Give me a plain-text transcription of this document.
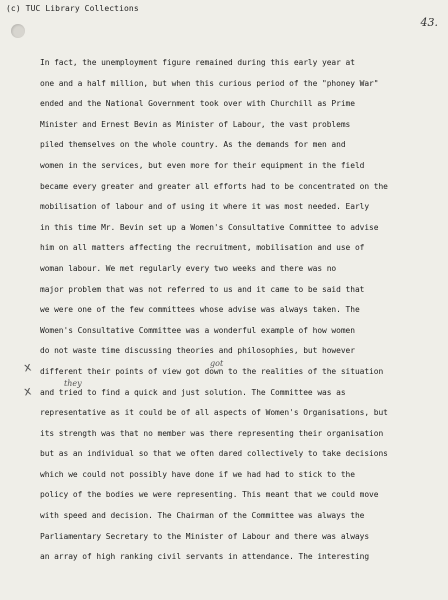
(c) TUC Library Collections
43.
x
x
got
they
In fact, the unemployment figure remained during this early year at
one and a half million, but when this curious period of the "phoney War"
ended and the National Government took over with Churchill as Prime
Minister and Ernest Bevin as Minister of Labour, the vast problems
piled themselves on the whole country. As the demands for men and
women in the services, but even more for their equipment in the field
became every greater and greater all efforts had to be concentrated on the
mobilisation of labour and of using it where it was most needed. Early
in this time Mr. Bevin set up a Women's Consultative Committee to advise
him on all matters affecting the recruitment, mobilisation and use of
woman labour. We met regularly every two weeks and there was no
major problem that was not referred to us and it came to be said that
we were one of the few committees whose advise was always taken. The
Women's Consultative Committee was a wonderful example of how women
do not waste time discussing theories and philosophies, but however
different their points of view got down to the realities of the situation
and tried to find a quick and just solution. The Committee was as
representative as it could be of all aspects of Women's Organisations, but
its strength was that no member was there representing their organisation
but as an individual so that we often dared collectively to take decisions
which we could not possibly have done if we had had to stick to the
policy of the bodies we were representing. This meant that we could move
with speed and decision. The Chairman of the Committee was always the
Parliamentary Secretary to the Minister of Labour and there was always
an array of high ranking civil servants in attendance. The interesting
